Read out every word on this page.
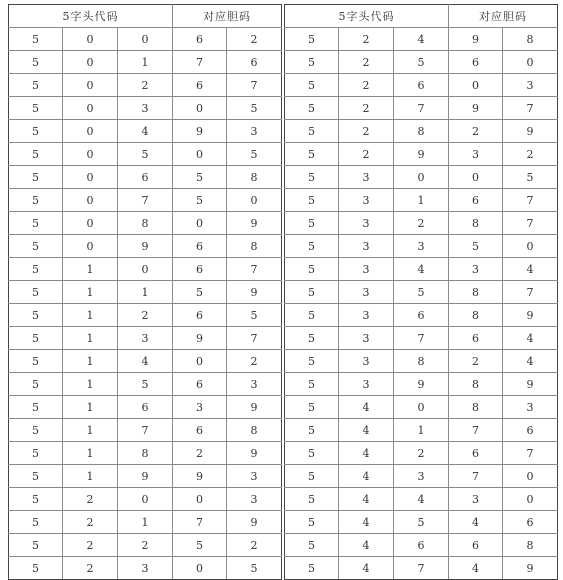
5字头代码			对应胆码	
5	0	0	6	2
5	0	1	7	6
5	0	2	6	7
5	0	3	0	5
5	0	4	9	3
5	0	5	0	5
5	0	6	5	8
5	0	7	5	0
5	0	8	0	9
5	0	9	6	8
5	1	0	6	7
5	1	1	5	9
5	1	2	6	5
5	1	3	9	7
5	1	4	0	2
5	1	5	6	3
5	1	6	3	9
5	1	7	6	8
5	1	8	2	9
5	1	9	9	3
5	2	0	0	3
5	2	1	7	9
5	2	2	5	2
5	2	3	0	5
5字头代码			对应胆码	
5	2	4	9	8
5	2	5	6	0
5	2	6	0	3
5	2	7	9	7
5	2	8	2	9
5	2	9	3	2
5	3	0	0	5
5	3	1	6	7
5	3	2	8	7
5	3	3	5	0
5	3	4	3	4
5	3	5	8	7
5	3	6	8	9
5	3	7	6	4
5	3	8	2	4
5	3	9	8	9
5	4	0	8	3
5	4	1	7	6
5	4	2	6	7
5	4	3	7	0
5	4	4	3	0
5	4	5	4	6
5	4	6	6	8
5	4	7	4	9
